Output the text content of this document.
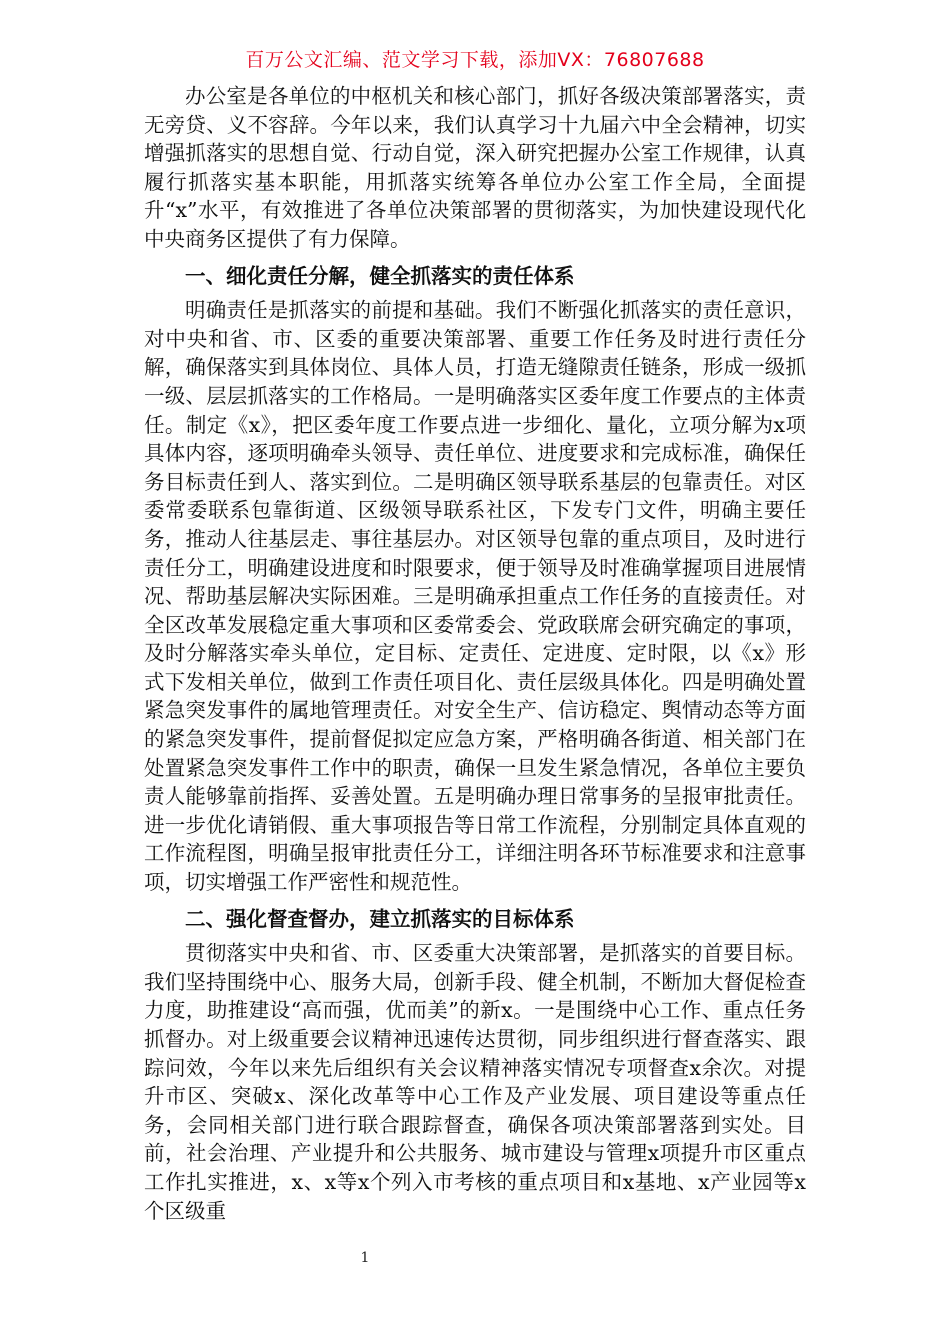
百万公文汇编、范文学习下载，添加VX：76807688

办公室是各单位的中枢机关和核心部门，抓好各级决策部署落实，责无旁贷、义不容辞。今年以来，我们认真学习十九届六中全会精神，切实增强抓落实的思想自觉、行动自觉，深入研究把握办公室工作规律，认真履行抓落实基本职能，用抓落实统筹各单位办公室工作全局，全面提升“x”水平，有效推进了各单位决策部署的贯彻落实，为加快建设现代化中央商务区提供了有力保障。

一、细化责任分解，健全抓落实的责任体系

明确责任是抓落实的前提和基础。我们不断强化抓落实的责任意识，对中央和省、市、区委的重要决策部署、重要工作任务及时进行责任分解，确保落实到具体岗位、具体人员，打造无缝隙责任链条，形成一级抓一级、层层抓落实的工作格局。一是明确落实区委年度工作要点的主体责任。制定《x》，把区委年度工作要点进一步细化、量化，立项分解为x项具体内容，逐项明确牵头领导、责任单位、进度要求和完成标准，确保任务目标责任到人、落实到位。二是明确区领导联系基层的包靠责任。对区委常委联系包靠街道、区级领导联系社区，下发专门文件，明确主要任务，推动人往基层走、事往基层办。对区领导包靠的重点项目，及时进行责任分工，明确建设进度和时限要求，便于领导及时准确掌握项目进展情况、帮助基层解决实际困难。三是明确承担重点工作任务的直接责任。对全区改革发展稳定重大事项和区委常委会、党政联席会研究确定的事项，及时分解落实牵头单位，定目标、定责任、定进度、定时限，以《x》形式下发相关单位，做到工作责任项目化、责任层级具体化。四是明确处置紧急突发事件的属地管理责任。对安全生产、信访稳定、舆情动态等方面的紧急突发事件，提前督促拟定应急方案，严格明确各街道、相关部门在处置紧急突发事件工作中的职责，确保一旦发生紧急情况，各单位主要负责人能够靠前指挥、妥善处置。五是明确办理日常事务的呈报审批责任。进一步优化请销假、重大事项报告等日常工作流程，分别制定具体直观的工作流程图，明确呈报审批责任分工，详细注明各环节标准要求和注意事项，切实增强工作严密性和规范性。

二、强化督查督办，建立抓落实的目标体系

贯彻落实中央和省、市、区委重大决策部署，是抓落实的首要目标。我们坚持围绕中心、服务大局，创新手段、健全机制，不断加大督促检查力度，助推建设“高而强，优而美”的新x。一是围绕中心工作、重点任务抓督办。对上级重要会议精神迅速传达贯彻，同步组织进行督查落实、跟踪问效，今年以来先后组织有关会议精神落实情况专项督查x余次。对提升市区、突破x、深化改革等中心工作及产业发展、项目建设等重点任务，会同相关部门进行联合跟踪督查，确保各项决策部署落到实处。目前，社会治理、产业提升和公共服务、城市建设与管理x项提升市区重点工作扎实推进，x、x等x个列入市考核的重点项目和x基地、x产业园等x个区级重

1
